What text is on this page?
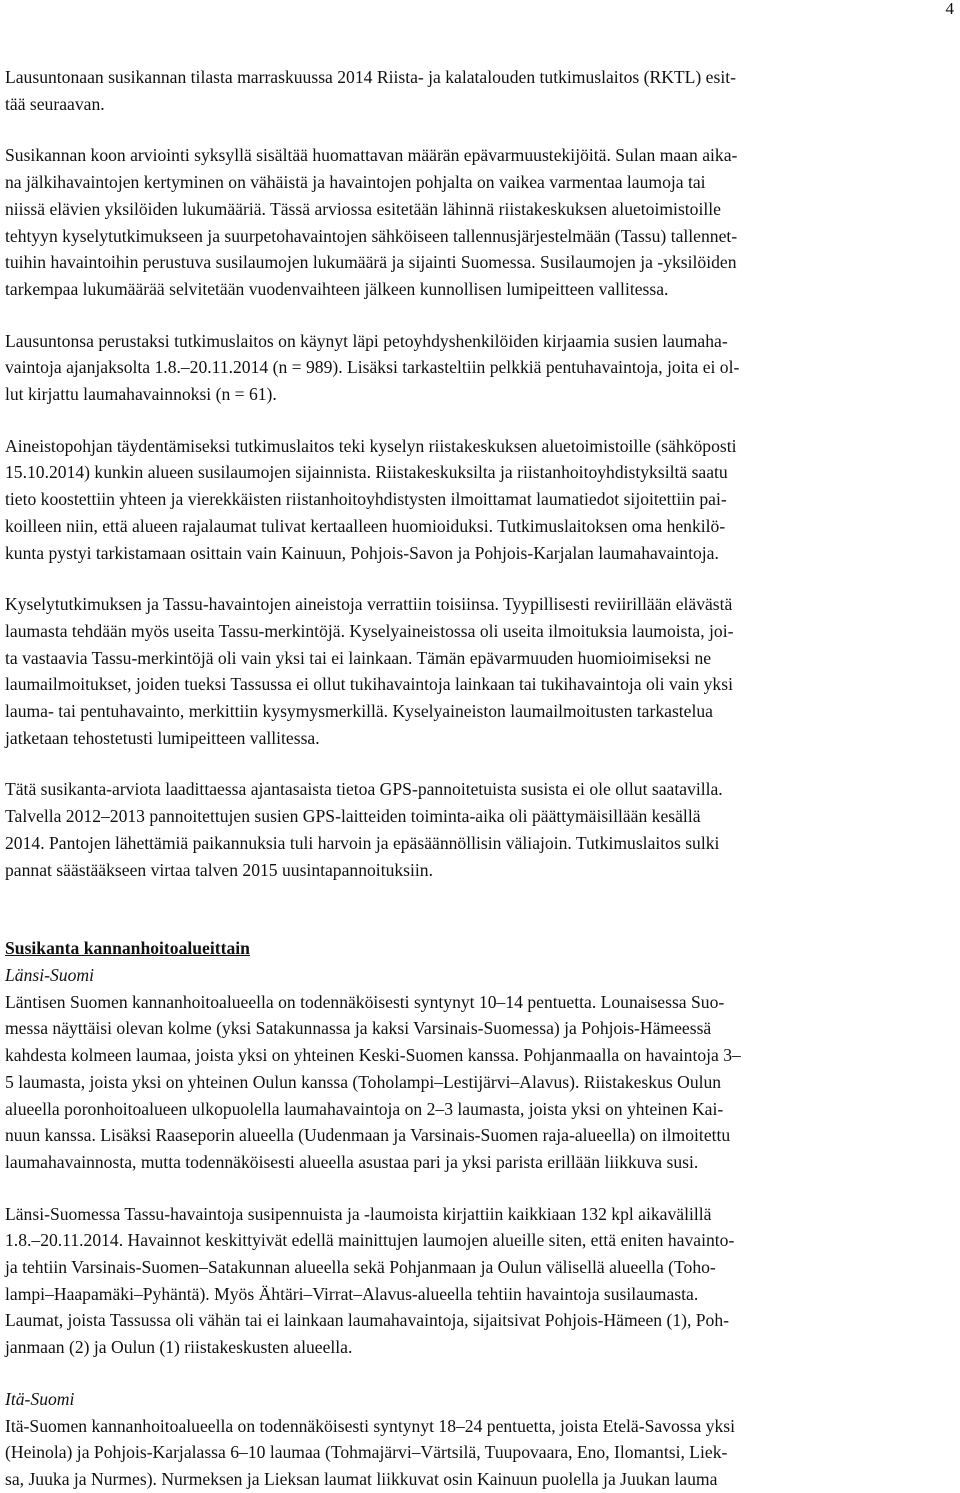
4
Lausuntonaan susikannan tilasta marraskuussa 2014 Riista- ja kalatalouden tutkimuslaitos (RKTL) esit-
tää seuraavan.
Susikannan koon arviointi syksyllä sisältää huomattavan määrän epävarmuustekijöitä. Sulan maan aika-
na jälkihavaintojen kertyminen on vähäistä ja havaintojen pohjalta on vaikea varmentaa laumoja tai
niissä elävien yksilöiden lukumääriä. Tässä arviossa esitetään lähinnä riistakeskuksen aluetoimistoille
tehtyyn kyselytutkimukseen ja suurpetohavaintojen sähköiseen tallennusjärjestelmään (Tassu) tallennet-
tuihin havaintoihin perustuva susilaumojen lukumäärä ja sijainti Suomessa. Susilaumojen ja -yksilöiden
tarkempaa lukumäärää selvitetään vuodenvaihteen jälkeen kunnollisen lumipeitteen vallitessa.
Lausuntonsa perustaksi tutkimuslaitos on käynyt läpi petoyhdyshenkilöiden kirjaamia susien laumaha-
vaintoja ajanjaksolta 1.8.–20.11.2014 (n = 989). Lisäksi tarkasteltiin pelkkiä pentuhavaintoja, joita ei ol-
lut kirjattu laumahavainnoksi (n = 61).
Aineistopohjan täydentämiseksi tutkimuslaitos teki kyselyn riistakeskuksen aluetoimistoille (sähköposti
15.10.2014) kunkin alueen susilaumojen sijainnista. Riistakeskuksilta ja riistanhoitoyhdistyksiltä saatu
tieto koostettiin yhteen ja vierekkäisten riistanhoitoyhdistysten ilmoittamat laumatiedot sijoitettiin pai-
koilleen niin, että alueen rajalaumat tulivat kertaalleen huomioiduksi. Tutkimuslaitoksen oma henkilö-
kunta pystyi tarkistamaan osittain vain Kainuun, Pohjois-Savon ja Pohjois-Karjalan laumahavaintoja.
Kyselytutkimuksen ja Tassu-havaintojen aineistoja verrattiin toisiinsa. Tyypillisesti reviirillään elävästä
laumasta tehdään myös useita Tassu-merkintöjä. Kyselyaineistossa oli useita ilmoituksia laumoista, joi-
ta vastaavia Tassu-merkintöjä oli vain yksi tai ei lainkaan. Tämän epävarmuuden huomioimiseksi ne
laumailmoitukset, joiden tueksi Tassussa ei ollut tukihavaintoja lainkaan tai tukihavaintoja oli vain yksi
lauma- tai pentuhavainto, merkittiin kysymysmerkillä. Kyselyaineiston laumailmoitusten tarkastelua
jatketaan tehostetusti lumipeitteen vallitessa.
Tätä susikanta-arviota laadittaessa ajantasaista tietoa GPS-pannoitetuista susista ei ole ollut saatavilla.
Talvella 2012–2013 pannoitettujen susien GPS-laitteiden toiminta-aika oli päättymäisillään kesällä
2014. Pantojen lähettämiä paikannuksia tuli harvoin ja epäsäännöllisin väliajoin. Tutkimuslaitos sulki
pannat säästääkseen virtaa talven 2015 uusintapannoituksiin.
Susikanta kannanhoitoalueittain
Länsi-Suomi
Läntisen Suomen kannanhoitoalueella on todennäköisesti syntynyt 10–14 pentuetta. Lounaisessa Suo-
messa näyttäisi olevan kolme (yksi Satakunnassa ja kaksi Varsinais-Suomessa) ja Pohjois-Hämeessä
kahdesta kolmeen laumaa, joista yksi on yhteinen Keski-Suomen kanssa. Pohjanmaalla on havaintoja 3–
5 laumasta, joista yksi on yhteinen Oulun kanssa (Toholampi–Lestijärvi–Alavus). Riistakeskus Oulun
alueella poronhoitoalueen ulkopuolella laumahavaintoja on 2–3 laumasta, joista yksi on yhteinen Kai-
nuun kanssa. Lisäksi Raaseporin alueella (Uudenmaan ja Varsinais-Suomen raja-alueella) on ilmoitettu
laumahavainnosta, mutta todennäköisesti alueella asustaa pari ja yksi parista erillään liikkuva susi.
Länsi-Suomessa Tassu-havaintoja susipennuista ja -laumoista kirjattiin kaikkiaan 132 kpl aikavälillä
1.8.–20.11.2014. Havainnot keskittyivät edellä mainittujen laumojen alueille siten, että eniten havainto-
ja tehtiin Varsinais-Suomen–Satakunnan alueella sekä Pohjanmaan ja Oulun välisellä alueella (Toho-
lampi–Haapamäki–Pyhäntä). Myös Ähtäri–Virrat–Alavus-alueella tehtiin havaintoja susilaumasta.
Laumat, joista Tassussa oli vähän tai ei lainkaan laumahavaintoja, sijaitsivat Pohjois-Hämeen (1), Poh-
janmaan (2) ja Oulun (1) riistakeskusten alueella.
Itä-Suomi
Itä-Suomen kannanhoitoalueella on todennäköisesti syntynyt 18–24 pentuetta, joista Etelä-Savossa yksi
(Heinola) ja Pohjois-Karjalassa 6–10 laumaa (Tohmajärvi–Värtsilä, Tuupovaara, Eno, Ilomantsi, Liek-
sa, Juuka ja Nurmes). Nurmeksen ja Lieksan laumat liikkuvat osin Kainuun puolella ja Juukan lauma
